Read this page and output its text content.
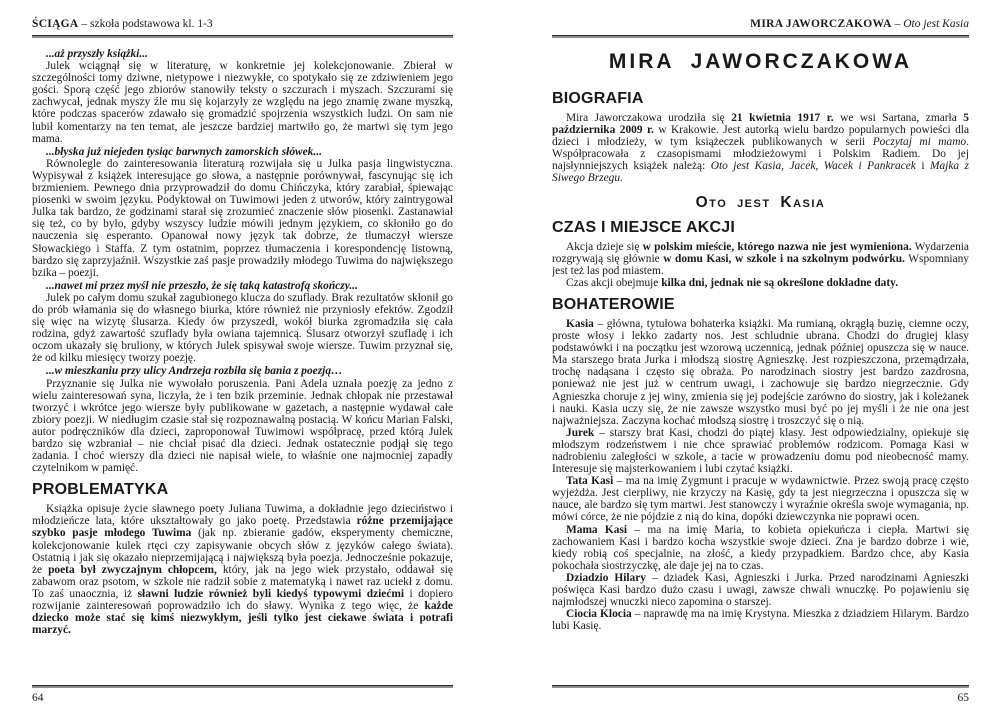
ŚCIĄGA – szkoła podstawowa kl. 1-3

...aż przyszły książki...

Julek wciągnął się w literaturę, w konkretnie jej kolekcjonowanie. Zbierał w szczególności tomy dziwne, nietypowe i niezwykłe, co spotykało się ze zdziwieniem jego gości. Sporą część jego zbiorów stanowiły teksty o szczurach i myszach. Szczurami się zachwycał, jednak myszy źle mu się kojarzyły ze względu na jego znamię zwane myszką, które podczas spacerów zdawało się gromadzić spojrzenia wszystkich ludzi. On sam nie lubił komentarzy na ten temat, ale jeszcze bardziej martwiło go, że martwi się tym jego mama.

...błyska już niejeden tysiąc barwnych zamorskich słówek...

Równolegle do zainteresowania literaturą rozwijała się u Julka pasja lingwistyczna. Wypisywał z książek interesujące go słowa, a następnie porównywał, fascynując się ich brzmieniem. Pewnego dnia przyprowadził do domu Chińczyka, który zarabiał, śpiewając piosenki w swoim języku. Podyktował on Tuwimowi jeden z utworów, który zaintrygował Julka tak bardzo, że godzinami starał się zrozumieć znaczenie słów piosenki. Zastanawiał się też, co by było, gdyby wszyscy ludzie mówili jednym językiem, co skłoniło go do nauczenia się esperanto. Opanował nowy język tak dobrze, że tłumaczył wiersze Słowackiego i Staffa. Z tym ostatnim, poprzez tłumaczenia i korespondencję listowną, bardzo się zaprzyjaźnił. Wszystkie zaś pasje prowadziły młodego Tuwima do największego bzika – poezji.

...nawet mi przez myśl nie przeszło, że się taką katastrofą skończy...

Julek po całym domu szukał zagubionego klucza do szuflady. Brak rezultatów skłonił go do prób włamania się do własnego biurka, które również nie przyniosły efektów. Zgodził się więc na wizytę ślusarza. Kiedy ów przyszedł, wokół biurka zgromadziła się cała rodzina, gdyż zawartość szuflady była owiana tajemnicą. Ślusarz otworzył szufladę i ich oczom ukazały się bruliony, w których Julek spisywał swoje wiersze. Tuwim przyznał się, że od kilku miesięcy tworzy poezję.

...w mieszkaniu przy ulicy Andrzeja rozbiła się bania z poezją…

Przyznanie się Julka nie wywołało poruszenia. Pani Adela uznała poezję za jedno z wielu zainteresowań syna, liczyła, że i ten bzik przeminie. Jednak chłopak nie przestawał tworzyć i wkrótce jego wiersze były publikowane w gazetach, a następnie wydawał całe zbiory poezji. W niedługim czasie stał się rozpoznawalną postacią. W końcu Marian Falski, autor podręczników dla dzieci, zaproponował Tuwimowi współpracę, przed którą Julek bardzo się wzbraniał – nie chciał pisać dla dzieci. Jednak ostatecznie podjął się tego zadania. I choć wierszy dla dzieci nie napisał wiele, to właśnie one najmocniej zapadły czytelnikom w pamięć.

PROBLEMATYKA

Książka opisuje życie sławnego poety Juliana Tuwima, a dokładnie jego dzieciństwo i młodzieńcze lata, które ukształtowały go jako poetę. Przedstawia różne przemijające szybko pasje młodego Tuwima (jak np. zbieranie gadów, eksperymenty chemiczne, kolekcjonowanie kulek rtęci czy zapisywanie obcych słów z języków całego świata). Ostatnią i jak się okazało nieprzemijającą i największą była poezja. Jednocześnie pokazuje, że poeta był zwyczajnym chłopcem, który, jak na jego wiek przystało, oddawał się zabawom oraz psotom, w szkole nie radził sobie z matematyką i nawet raz uciekł z domu. To zaś unaocznia, iż sławni ludzie również byli kiedyś typowymi dziećmi i dopiero rozwijanie zainteresowań poprowadziło ich do sławy. Wynika z tego więc, że każde dziecko może stać się kimś niezwykłym, jeśli tylko jest ciekawe świata i potrafi marzyć.

64
MIRA JAWORCZAKOWA – Oto jest Kasia
MIRA JAWORCZAKOWA
BIOGRAFIA

Mira Jaworczakowa urodziła się 21 kwietnia 1917 r. we wsi Sartana, zmarła 5 października 2009 r. w Krakowie. Jest autorką wielu bardzo popularnych powieści dla dzieci i młodzieży, w tym książeczek publikowanych w serii Poczytaj mi mamo. Współpracowała z czasopismami młodzieżowymi i Polskim Radiem. Do jej najsłynniejszych książek należą: Oto jest Kasia, Jacek, Wacek i Pankracek i Majka z Siwego Brzegu.

Oto jest Kasia
CZAS I MIEJSCE AKCJI

Akcja dzieje się w polskim mieście, którego nazwa nie jest wymieniona. Wydarzenia rozgrywają się głównie w domu Kasi, w szkole i na szkolnym podwórku. Wspomniany jest też las pod miastem.

Czas akcji obejmuje kilka dni, jednak nie są określone dokładne daty.

BOHATEROWIE

Kasia – główna, tytułowa bohaterka książki. Ma rumianą, okrągłą buzię, ciemne oczy, proste włosy i lekko zadarty nos. Jest schludnie ubrana. Chodzi do drugiej klasy podstawówki i na początku jest wzorową uczennicą, jednak później opuszcza się w nauce. Ma starszego brata Jurka i młodszą siostrę Agnieszkę. Jest rozpieszczona, przemądrzała, trochę nadąsana i często się obraża. Po narodzinach siostry jest bardzo zazdrosna, ponieważ nie jest już w centrum uwagi, i zachowuje się bardzo niegrzecznie. Gdy Agnieszka choruje z jej winy, zmienia się jej podejście zarówno do siostry, jak i koleżanek i nauki. Kasia uczy się, że nie zawsze wszystko musi być po jej myśli i że nie ona jest najważniejsza. Zaczyna kochać młodszą siostrę i troszczyć się o nią.

Jurek – starszy brat Kasi, chodzi do piątej klasy. Jest odpowiedzialny, opiekuje się młodszym rodzeństwem i nie chce sprawiać problemów rodzicom. Pomaga Kasi w nadrobieniu zaległości w szkole, a tacie w prowadzeniu domu pod nieobecność mamy. Interesuje się majsterkowaniem i lubi czytać książki.

Tata Kasi – ma na imię Zygmunt i pracuje w wydawnictwie. Przez swoją pracę często wyjeżdża. Jest cierpliwy, nie krzyczy na Kasię, gdy ta jest niegrzeczna i opuszcza się w nauce, ale bardzo się tym martwi. Jest stanowczy i wyraźnie określa swoje wymagania, np. mówi córce, że nie pójdzie z nią do kina, dopóki dziewczynka nie poprawi ocen.

Mama Kasi – ma na imię Maria, to kobieta opiekuńcza i ciepła. Martwi się zachowaniem Kasi i bardzo kocha wszystkie swoje dzieci. Zna je bardzo dobrze i wie, kiedy robią coś specjalnie, na złość, a kiedy przypadkiem. Bardzo chce, aby Kasia pokochała siostrzyczkę, ale daje jej na to czas.

Dziadzio Hilary – dziadek Kasi, Agnieszki i Jurka. Przed narodzinami Agnieszki poświęca Kasi bardzo dużo czasu i uwagi, zawsze chwali wnuczkę. Po pojawieniu się najmłodszej wnuczki nieco zapomina o starszej.

Ciocia Klocia – naprawdę ma na imię Krystyna. Mieszka z dziadziem Hilarym. Bardzo lubi Kasię.

65
